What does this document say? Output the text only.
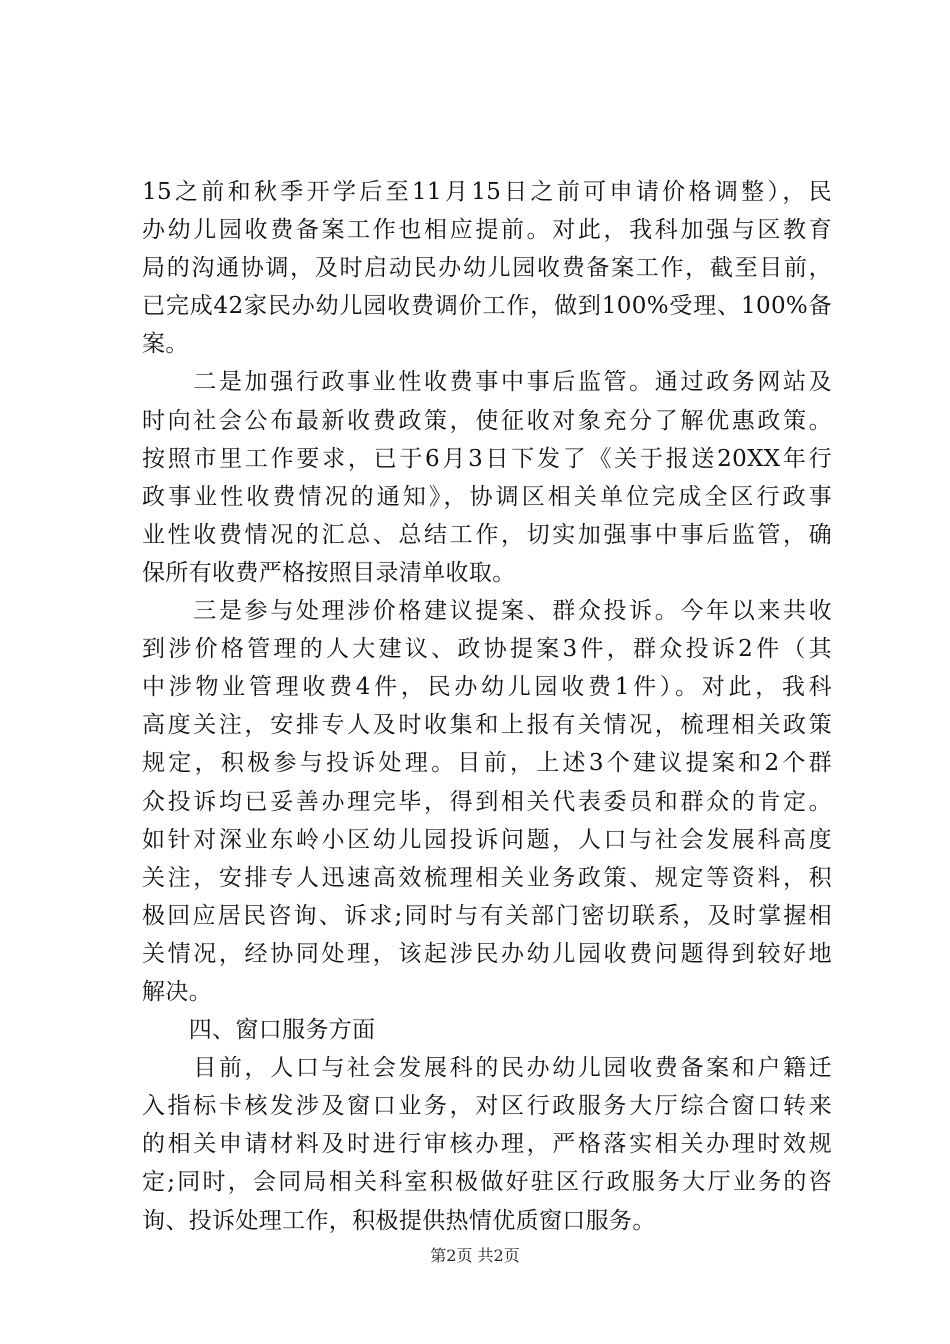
15之前和秋季开学后至11月15日之前可申请价格调整），民
办幼儿园收费备案工作也相应提前。对此，我科加强与区教育
局的沟通协调，及时启动民办幼儿园收费备案工作，截至目前，
已完成42家民办幼儿园收费调价工作，做到100%受理、100%备
案。
　　二是加强行政事业性收费事中事后监管。通过政务网站及
时向社会公布最新收费政策，使征收对象充分了解优惠政策。
按照市里工作要求，已于6月3日下发了《关于报送20XX年行
政事业性收费情况的通知》，协调区相关单位完成全区行政事
业性收费情况的汇总、总结工作，切实加强事中事后监管，确
保所有收费严格按照目录清单收取。
　　三是参与处理涉价格建议提案、群众投诉。今年以来共收
到涉价格管理的人大建议、政协提案3件，群众投诉2件（其
中涉物业管理收费4件，民办幼儿园收费1件）。对此，我科
高度关注，安排专人及时收集和上报有关情况，梳理相关政策
规定，积极参与投诉处理。目前，上述3个建议提案和2个群
众投诉均已妥善办理完毕，得到相关代表委员和群众的肯定。
如针对深业东岭小区幼儿园投诉问题，人口与社会发展科高度
关注，安排专人迅速高效梳理相关业务政策、规定等资料，积
极回应居民咨询、诉求;同时与有关部门密切联系，及时掌握相
关情况，经协同处理，该起涉民办幼儿园收费问题得到较好地
解决。
　　四、窗口服务方面
　　目前，人口与社会发展科的民办幼儿园收费备案和户籍迁
入指标卡核发涉及窗口业务，对区行政服务大厅综合窗口转来
的相关申请材料及时进行审核办理，严格落实相关办理时效规
定;同时，会同局相关科室积极做好驻区行政服务大厅业务的咨
询、投诉处理工作，积极提供热情优质窗口服务。
第2页 共2页
